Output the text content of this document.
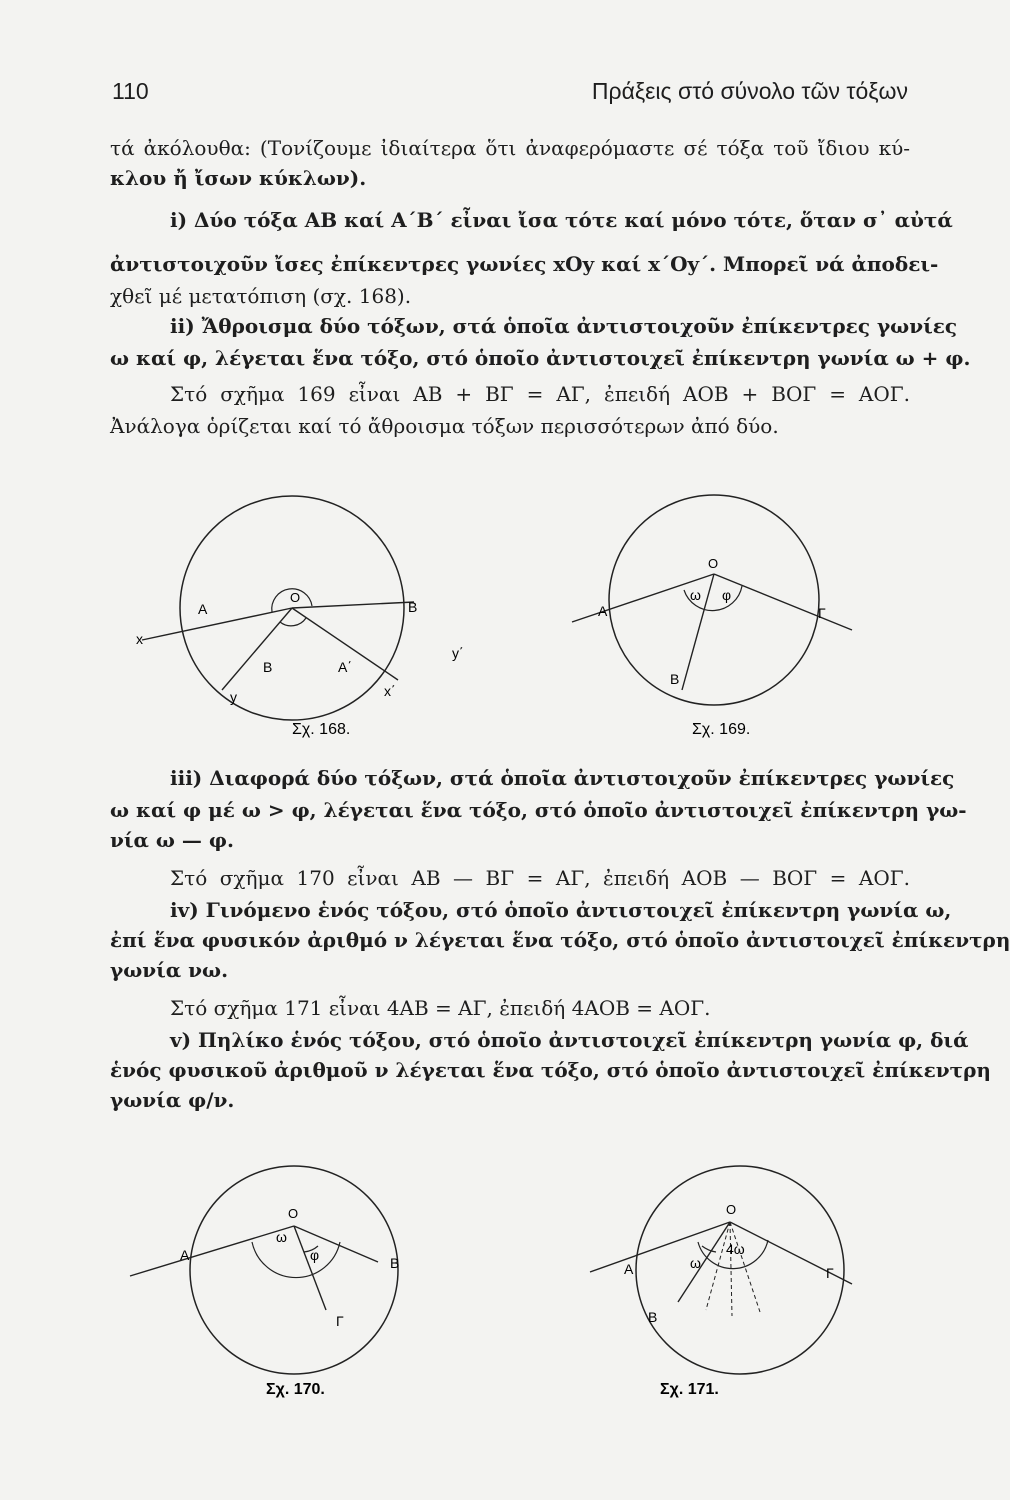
110	Πράξεις στό σύνολο τῶν τόξων
τά ἀκόλουθα: (Τονίζουμε ἰδιαίτερα ὅτι ἀναφερόμαστε σέ τόξα τοῦ ἴδιου κύ-
κλου ἤ ἴσων κύκλων).
i) Δύο τόξα ΑΒ καί Α΄Β΄ εἶναι ἴσα τότε καί μόνο τότε, ὅταν σ᾽ αὐτά
ἀντιστοιχοῦν ἴσες ἐπίκεντρες γωνίες xΟy καί x΄Οy΄. Μπορεῖ νά ἀποδει-
χθεῖ μέ μετατόπιση (σχ. 168).
ii) Ἄθροισμα δύο τόξων, στά ὁποῖα ἀντιστοιχοῦν ἐπίκεντρες γωνίες
ω καί φ, λέγεται ἕνα τόξο, στό ὁποῖο ἀντιστοιχεῖ ἐπίκεντρη γωνία ω + φ.
Στό σχῆμα 169 εἶναι ΑΒ + ΒΓ = ΑΓ, ἐπειδή ΑΟΒ + ΒΟΓ = ΑΟΓ.
Ἀνάλογα ὁρίζεται καί τό ἄθροισμα τόξων περισσότερων ἀπό δύο.
O
A	B
B	A΄
x
y	x΄
y΄
Σχ. 168.
O
A
B
Γ
ω φ
Σχ. 169.
iii) Διαφορά δύο τόξων, στά ὁποῖα ἀντιστοιχοῦν ἐπίκεντρες γωνίες
ω καί φ μέ ω > φ, λέγεται ἕνα τόξο, στό ὁποῖο ἀντιστοιχεῖ ἐπίκεντρη γω-
νία ω — φ.
Στό σχῆμα 170 εἶναι ΑΒ — ΒΓ = ΑΓ, ἐπειδή ΑΟΒ — ΒΟΓ = ΑΟΓ.
iv) Γινόμενο ἑνός τόξου, στό ὁποῖο ἀντιστοιχεῖ ἐπίκεντρη γωνία ω,
ἐπί ἕνα φυσικόν ἀριθμό ν λέγεται ἕνα τόξο, στό ὁποῖο ἀντιστοιχεῖ ἐπίκεντρη
γωνία νω.
Στό σχῆμα 171 εἶναι 4ΑΒ = ΑΓ, ἐπειδή 4ΑΟΒ = ΑΟΓ.
v) Πηλίκο ἑνός τόξου, στό ὁποῖο ἀντιστοιχεῖ ἐπίκεντρη γωνία φ, διά
ἑνός φυσικοῦ ἀριθμοῦ ν λέγεται ἕνα τόξο, στό ὁποῖο ἀντιστοιχεῖ ἐπίκεντρη
γωνία φ/ν.
O
A	B
Γ
ω
φ
Σχ. 170.
O
A
B
Γ
4ω
ω
Σχ. 171.
